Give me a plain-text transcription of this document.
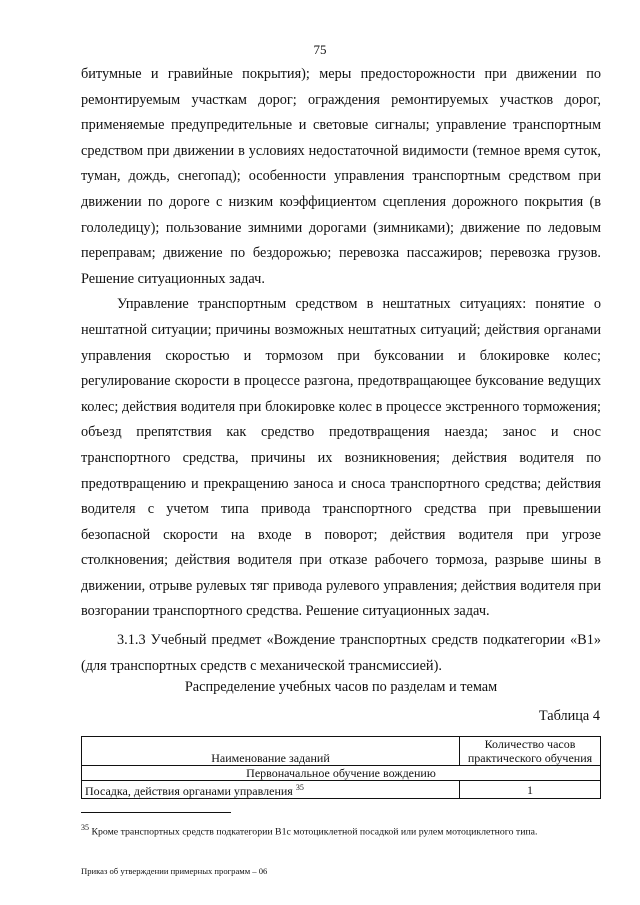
75

битумные и гравийные покрытия); меры предосторожности при движении по ремонтируемым участкам дорог; ограждения ремонтируемых участков дорог, применяемые предупредительные и световые сигналы; управление транспортным средством при движении в условиях недостаточной видимости (темное время суток, туман, дождь, снегопад); особенности управления транспортным средством при движении по дороге с низким коэффициентом сцепления дорожного покрытия (в гололедицу); пользование зимними дорогами (зимниками); движение по ледовым переправам; движение по бездорожью; перевозка пассажиров; перевозка грузов. Решение ситуационных задач.

Управление транспортным средством в нештатных ситуациях: понятие о нештатной ситуации; причины возможных нештатных ситуаций; действия органами управления скоростью и тормозом при буксовании и блокировке колес; регулирование скорости в процессе разгона, предотвращающее буксование ведущих колес; действия водителя при блокировке колес в процессе экстренного торможения; объезд препятствия как средство предотвращения наезда; занос и снос транспортного средства, причины их возникновения; действия водителя по предотвращению и прекращению заноса и сноса транспортного средства; действия водителя с учетом типа привода транспортного средства при превышении безопасной скорости на входе в поворот; действия водителя при угрозе столкновения; действия водителя при отказе рабочего тормоза, разрыве шины в движении, отрыве рулевых тяг привода рулевого управления; действия водителя при возгорании транспортного средства. Решение ситуационных задач.

3.1.3 Учебный предмет «Вождение транспортных средств подкатегории «В1» (для транспортных средств с механической трансмиссией).
Распределение учебных часов по разделам и темам
Таблица 4
Наименование заданий	Количество часов практического обучения
Первоначальное обучение вождению	
Посадка, действия органами управления $^{35}$	1
$^{35}$ Кроме транспортных средств подкатегории В1с мотоциклетной посадкой или рулем мотоциклетного типа.
Приказ об утверждении примерных программ – 06
